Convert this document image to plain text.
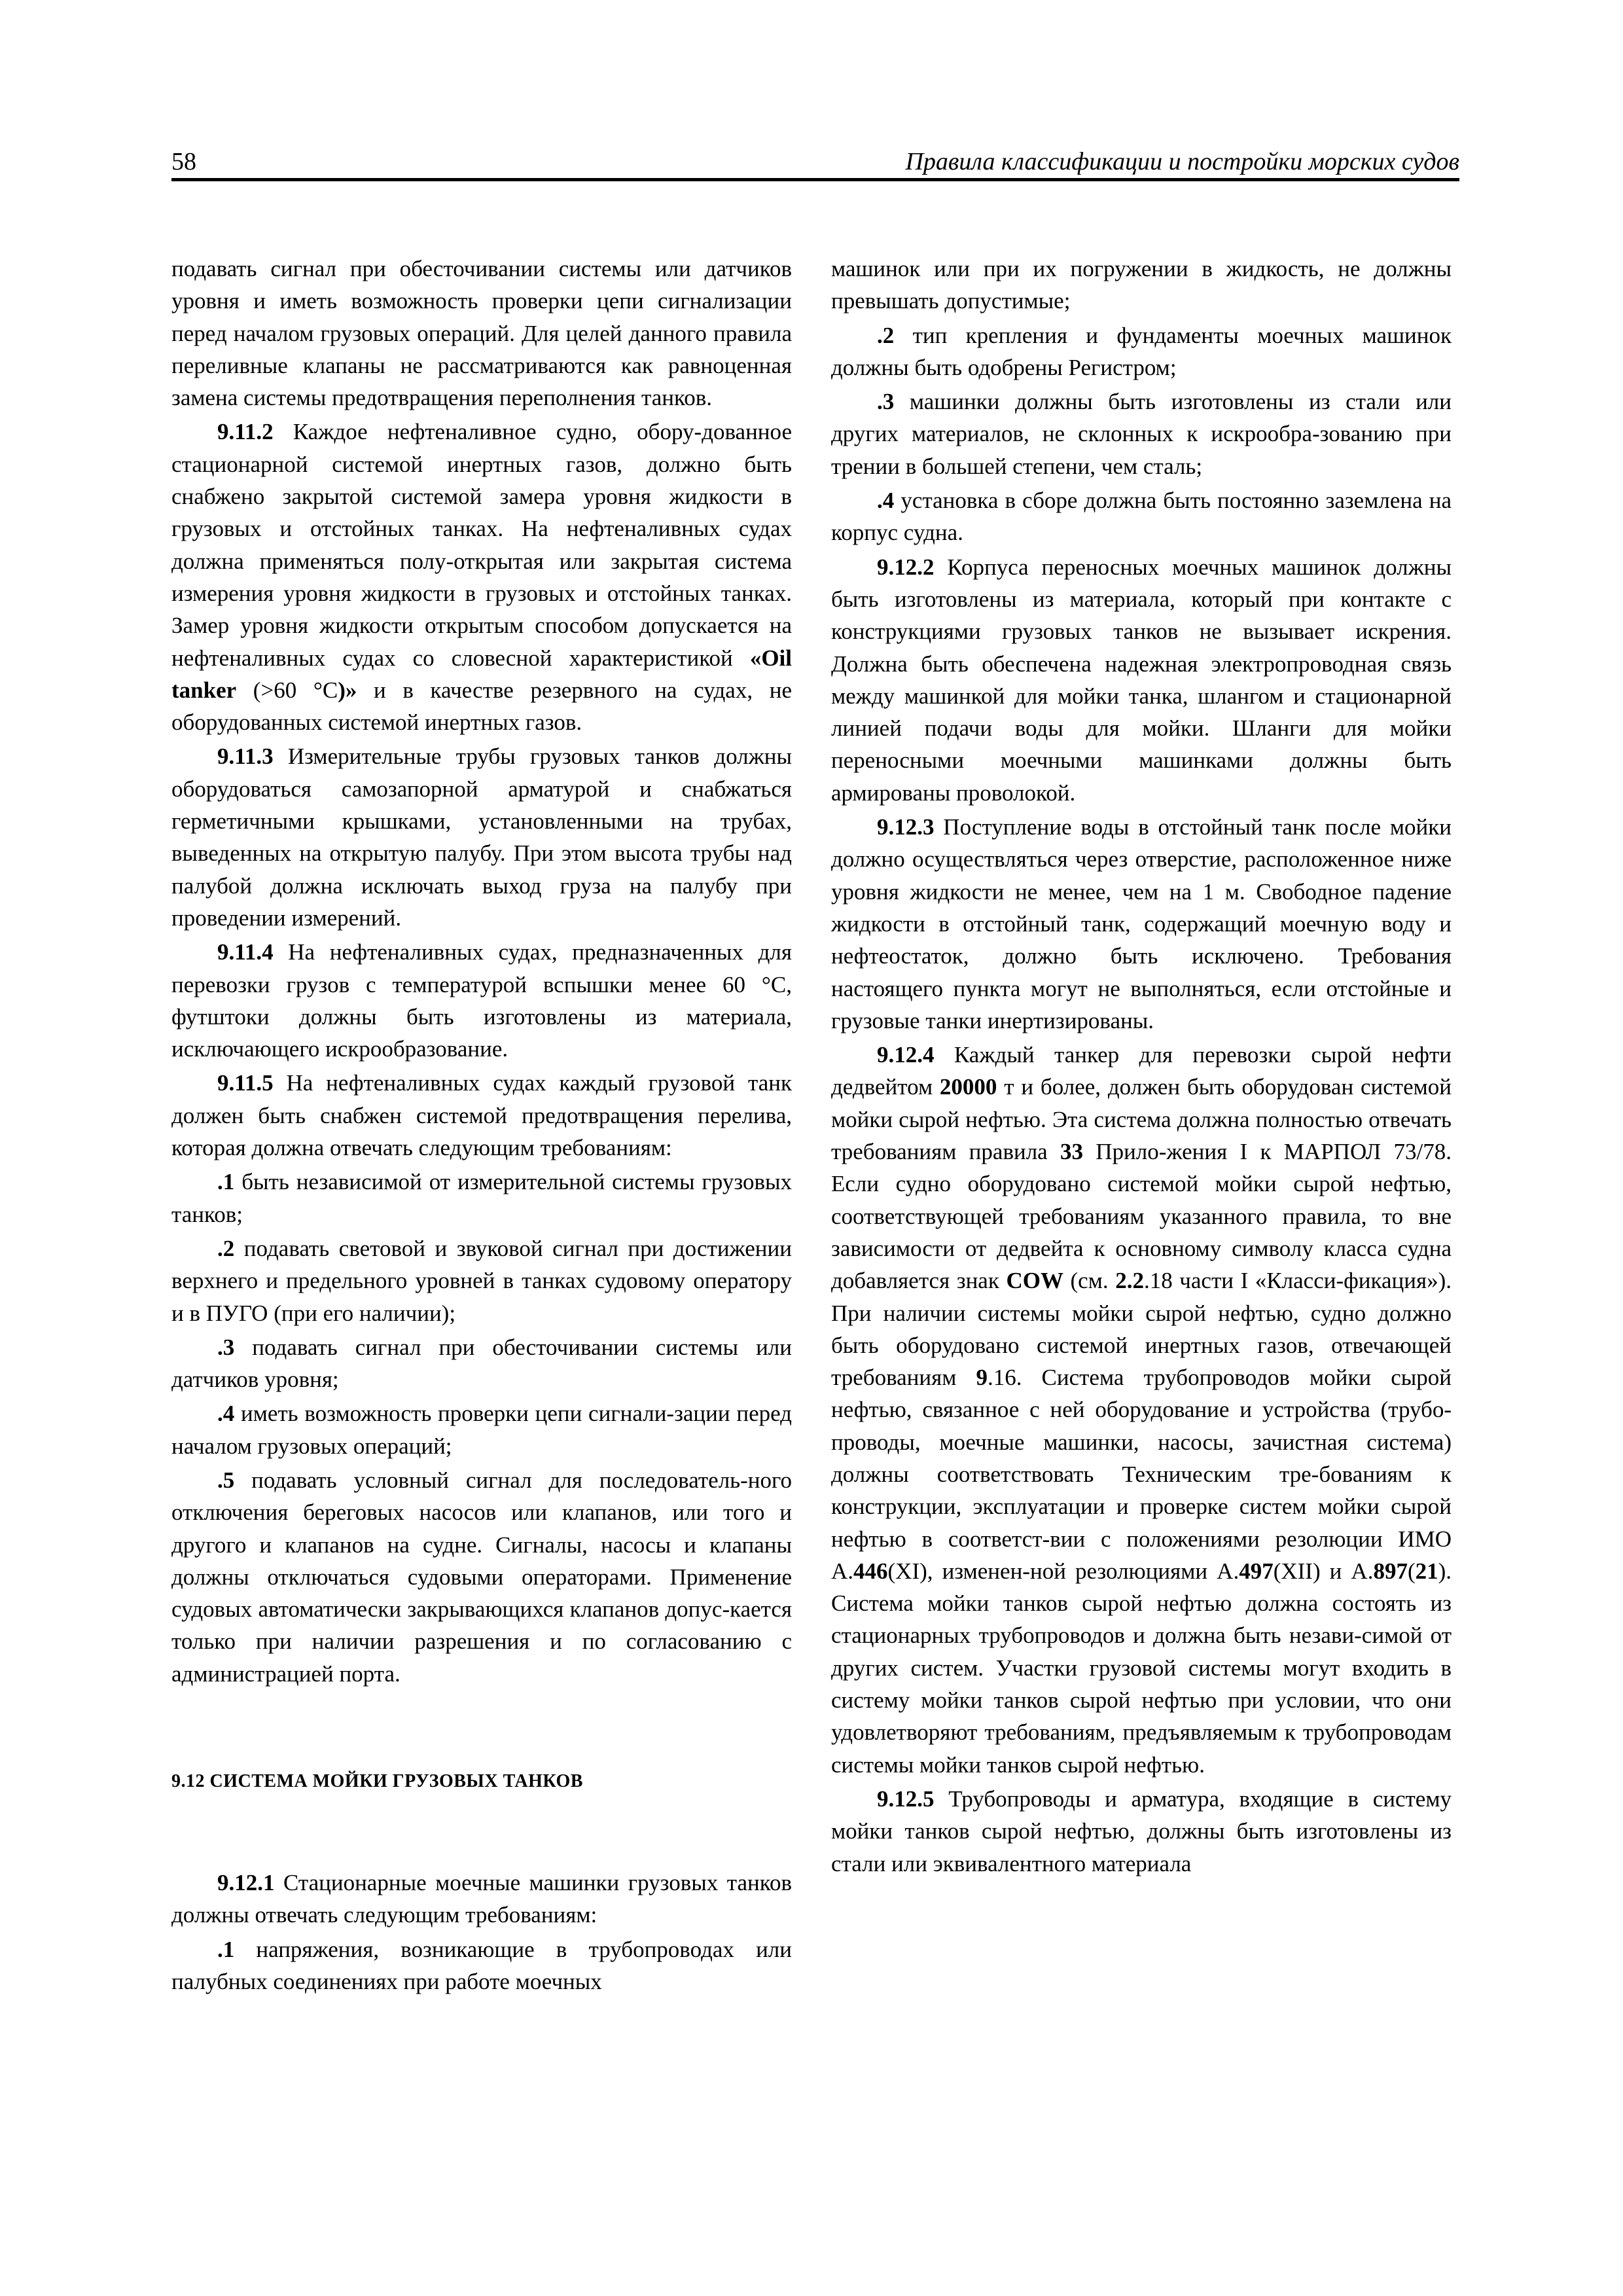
58	Правила классификации и постройки морских судов

подавать сигнал при обесточивании системы или датчиков уровня и иметь возможность проверки цепи сигнализации перед началом грузовых операций. Для целей данного правила переливные клапаны не рассматриваются как равноценная замена системы предотвращения переполнения танков.

9.11.2 Каждое нефтеналивное судно, обору-дованное стационарной системой инертных газов, должно быть снабжено закрытой системой замера уровня жидкости в грузовых и отстойных танках. На нефтеналивных судах должна применяться полу-открытая или закрытая система измерения уровня жидкости в грузовых и отстойных танках. Замер уровня жидкости открытым способом допускается на нефтеналивных судах со словесной характеристикой «Oil tanker (>60 °С)» и в качестве резервного на судах, не оборудованных системой инертных газов.

9.11.3 Измерительные трубы грузовых танков должны оборудоваться самозапорной арматурой и снабжаться герметичными крышками, установленными на трубах, выведенных на открытую палубу. При этом высота трубы над палубой должна исключать выход груза на палубу при проведении измерений.

9.11.4 На нефтеналивных судах, предназначенных для перевозки грузов с температурой вспышки менее 60 °С, футштоки должны быть изготовлены из материала, исключающего искрообразование.

9.11.5 На нефтеналивных судах каждый грузовой танк должен быть снабжен системой предотвращения перелива, которая должна отвечать следующим требованиям:

.1 быть независимой от измерительной системы грузовых танков;

.2 подавать световой и звуковой сигнал при достижении верхнего и предельного уровней в танках судовому оператору и в ПУГО (при его наличии);

.3 подавать сигнал при обесточивании системы или датчиков уровня;

.4 иметь возможность проверки цепи сигнали-зации перед началом грузовых операций;

.5 подавать условный сигнал для последователь-ного отключения береговых насосов или клапанов, или того и другого и клапанов на судне. Сигналы, насосы и клапаны должны отключаться судовыми операторами. Применение судовых автоматически закрывающихся клапанов допус-кается только при наличии разрешения и по согласованию с администрацией порта.

9.12 СИСТЕМА МОЙКИ ГРУЗОВЫХ ТАНКОВ

9.12.1 Стационарные моечные машинки грузовых танков должны отвечать следующим требованиям:

.1 напряжения, возникающие в трубопроводах или палубных соединениях при работе моечных

машинок или при их погружении в жидкость, не должны превышать допустимые;

.2 тип крепления и фундаменты моечных машинок должны быть одобрены Регистром;

.3 машинки должны быть изготовлены из стали или других материалов, не склонных к искрообра-зованию при трении в большей степени, чем сталь;

.4 установка в сборе должна быть постоянно заземлена на корпус судна.

9.12.2 Корпуса переносных моечных машинок должны быть изготовлены из материала, который при контакте с конструкциями грузовых танков не вызывает искрения. Должна быть обеспечена надежная электропроводная связь между машинкой для мойки танка, шлангом и стационарной линией подачи воды для мойки. Шланги для мойки переносными моечными машинками должны быть армированы проволокой.

9.12.3 Поступление воды в отстойный танк после мойки должно осуществляться через отверстие, расположенное ниже уровня жидкости не менее, чем на 1 м. Свободное падение жидкости в отстойный танк, содержащий моечную воду и нефтеостаток, должно быть исключено. Требования настоящего пункта могут не выполняться, если отстойные и грузовые танки инертизированы.

9.12.4 Каждый танкер для перевозки сырой нефти дедвейтом 20000 т и более, должен быть оборудован системой мойки сырой нефтью. Эта система должна полностью отвечать требованиям правила 33 Прило-жения I к МАРПОЛ 73/78. Если судно оборудовано системой мойки сырой нефтью, соответствующей требованиям указанного правила, то вне зависимости от дедвейта к основному символу класса судна добавляется знак COW (см. 2.2.18 части I «Класси-фикация»). При наличии системы мойки сырой нефтью, судно должно быть оборудовано системой инертных газов, отвечающей требованиям 9.16. Система трубопроводов мойки сырой нефтью, связанное с ней оборудование и устройства (трубо-проводы, моечные машинки, насосы, зачистная система) должны соответствовать Техническим тре-бованиям к конструкции, эксплуатации и проверке систем мойки сырой нефтью в соответст-вии с положениями резолюции ИМО А.446(XI), изменен-ной резолюциями А.497(XII) и А.897(21). Система мойки танков сырой нефтью должна состоять из стационарных трубопроводов и должна быть незави-симой от других систем. Участки грузовой системы могут входить в систему мойки танков сырой нефтью при условии, что они удовлетворяют требованиям, предъявляемым к трубопроводам системы мойки танков сырой нефтью.

9.12.5 Трубопроводы и арматура, входящие в систему мойки танков сырой нефтью, должны быть изготовлены из стали или эквивалентного материала
